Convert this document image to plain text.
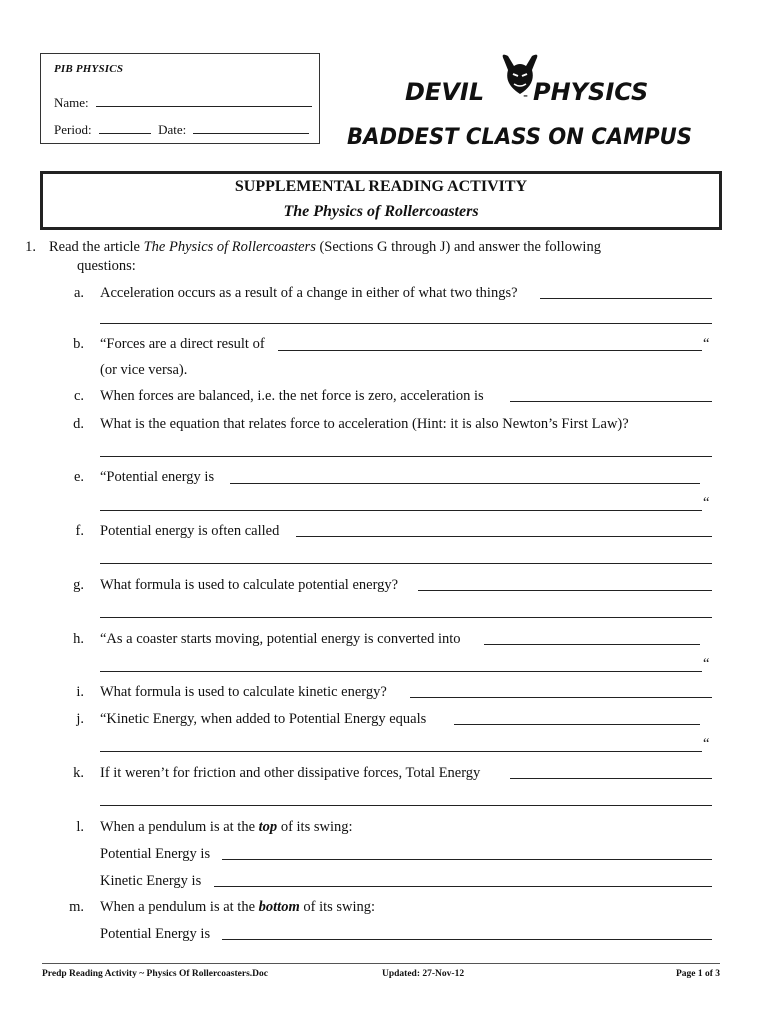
PIB PHYSICS
Name:
Period:	Date:
DEVIL	- PHYSICS
BADDEST CLASS ON CAMPUS
SUPPLEMENTAL READING ACTIVITY
The Physics of Rollercoasters
1. Read the article The Physics of Rollercoasters (Sections G through J) and answer the following
questions:
a. Acceleration occurs as a result of a change in either of what two things?
b. “Forces are a direct result of	“
(or vice versa).
c. When forces are balanced, i.e. the net force is zero, acceleration is
d. What is the equation that relates force to acceleration (Hint: it is also Newton’s First Law)?
e. “Potential energy is
“
f. Potential energy is often called
g. What formula is used to calculate potential energy?
h. “As a coaster starts moving, potential energy is converted into
“
i. What formula is used to calculate kinetic energy?
j. “Kinetic Energy, when added to Potential Energy equals
“
k. If it weren’t for friction and other dissipative forces, Total Energy
l. When a pendulum is at the top of its swing:
Potential Energy is
Kinetic Energy is
m. When a pendulum is at the bottom of its swing:
Potential Energy is
Predp Reading Activity ~ Physics Of Rollercoasters.Doc	Updated: 27-Nov-12	Page 1 of 3
